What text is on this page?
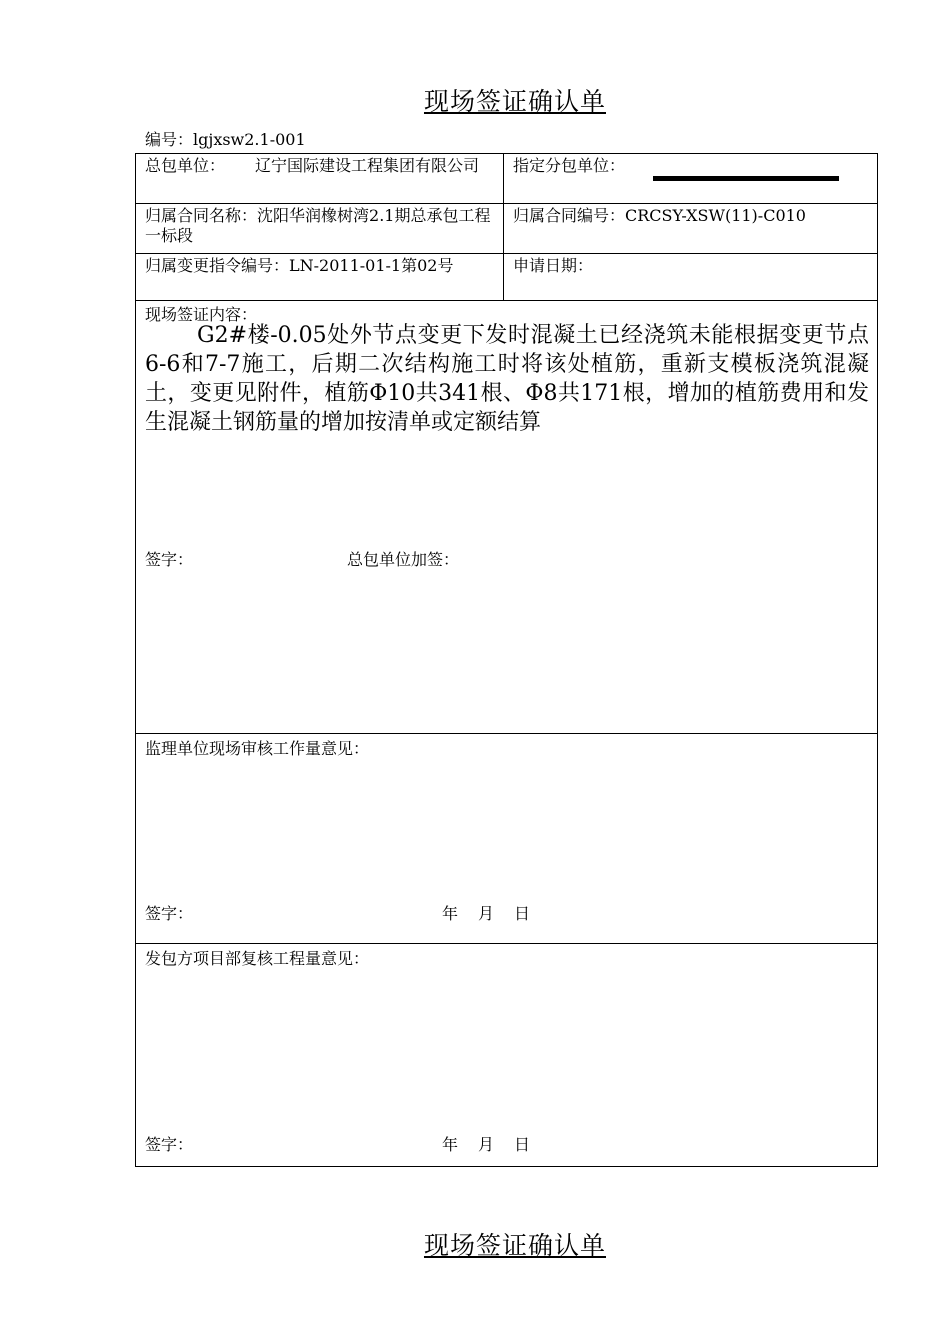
现场签证确认单
编号：lgjxsw2.1-001
总包单位： 辽宁国际建设工程集团有限公司	指定分包单位：

归属合同名称：沈阳华润橡树湾2.1期总承包工程一标段	归属合同编号：CRCSY-XSW(11)-C010

归属变更指令编号：LN-2011-01-1第02号	申请日期：

现场签证内容：
G2#楼-0.05处外节点变更下发时混凝土已经浇筑未能根据变更节点6-6和7-7施工，后期二次结构施工时将该处植筋，重新支模板浇筑混凝土，变更见附件，植筋Φ10共341根、Φ8共171根，增加的植筋费用和发生混凝土钢筋量的增加按清单或定额结算
签字： 总包单位加签：	

监理单位现场审核工作量意见：
签字： 年 月 日	

发包方项目部复核工程量意见：
签字： 年 月 日	
现场签证确认单
